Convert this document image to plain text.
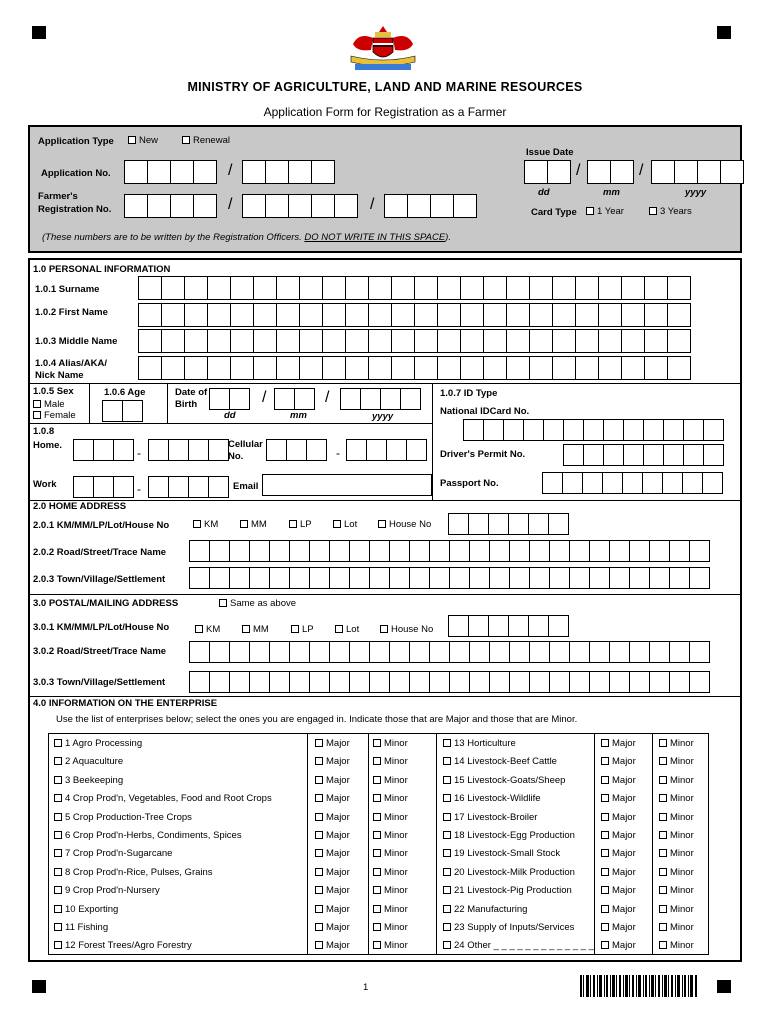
MINISTRY OF AGRICULTURE, LAND AND MARINE RESOURCES
Application Form for Registration as a Farmer
Application Type	New	Renewal
Issue Date
Application No.	/	/	/
dd	mm	yyyy
Farmer's
Registration No.	/	/	Card Type	1 Year	3 Years
(These numbers are to be written by the Registration Officers. DO NOT WRITE IN THIS SPACE).
1.0 PERSONAL INFORMATION
1.0.1 Surname
1.0.2 First Name
1.0.3 Middle Name
1.0.4 Alias/AKA/
Nick Name
1.0.5 Sex
Male
Female
1.0.6 Age	Date of
Birth	/	/
dd	mm	yyyy
1.0.7 ID Type
National IDCard No.
1.0.8
Home.
-
Cellular
No.	-	Driver's Permit No.
Work	-	Email	Passport No.
2.0 HOME ADDRESS
2.0.1 KM/MM/LP/Lot/House No	KM	MM	LP	Lot	House No
2.0.2 Road/Street/Trace Name
2.0.3 Town/Village/Settlement
3.0 POSTAL/MAILING ADDRESS	Same as above
3.0.1 KM/MM/LP/Lot/House No	KM	MM	LP	Lot	House No
3.0.2 Road/Street/Trace Name
3.0.3 Town/Village/Settlement
4.0 INFORMATION ON THE ENTERPRISE
Use the list of enterprises below; select the ones you are engaged in. Indicate those that are Major and those that are Minor.
1 Agro Processing	Major	Minor
2 Aquaculture	Major	Minor
3 Beekeeping	Major	Minor
4 Crop Prod'n, Vegetables, Food and Root Crops	Major	Minor
5 Crop Production-Tree Crops	Major	Minor
6 Crop Prod'n-Herbs, Condiments, Spices	Major	Minor
7 Crop Prod'n-Sugarcane	Major	Minor
8 Crop Prod'n-Rice, Pulses, Grains	Major	Minor
9 Crop Prod'n-Nursery	Major	Minor
10 Exporting	Major	Minor
11 Fishing	Major	Minor
12 Forest Trees/Agro Forestry	Major	Minor
13 Horticulture	Major	Minor
14 Livestock-Beef Cattle	Major	Minor
15 Livestock-Goats/Sheep	Major	Minor
16 Livestock-Wildlife	Major	Minor
17 Livestock-Broiler	Major	Minor
18 Livestock-Egg Production	Major	Minor
19 Livestock-Small Stock	Major	Minor
20 Livestock-Milk Production	Major	Minor
21 Livestock-Pig Production	Major	Minor
22 Manufacturing	Major	Minor
23 Supply of Inputs/Services	Major	Minor
24 Other _ _ _ _ _ _ _ _ _ _ _ _ _	Major	Minor
1
